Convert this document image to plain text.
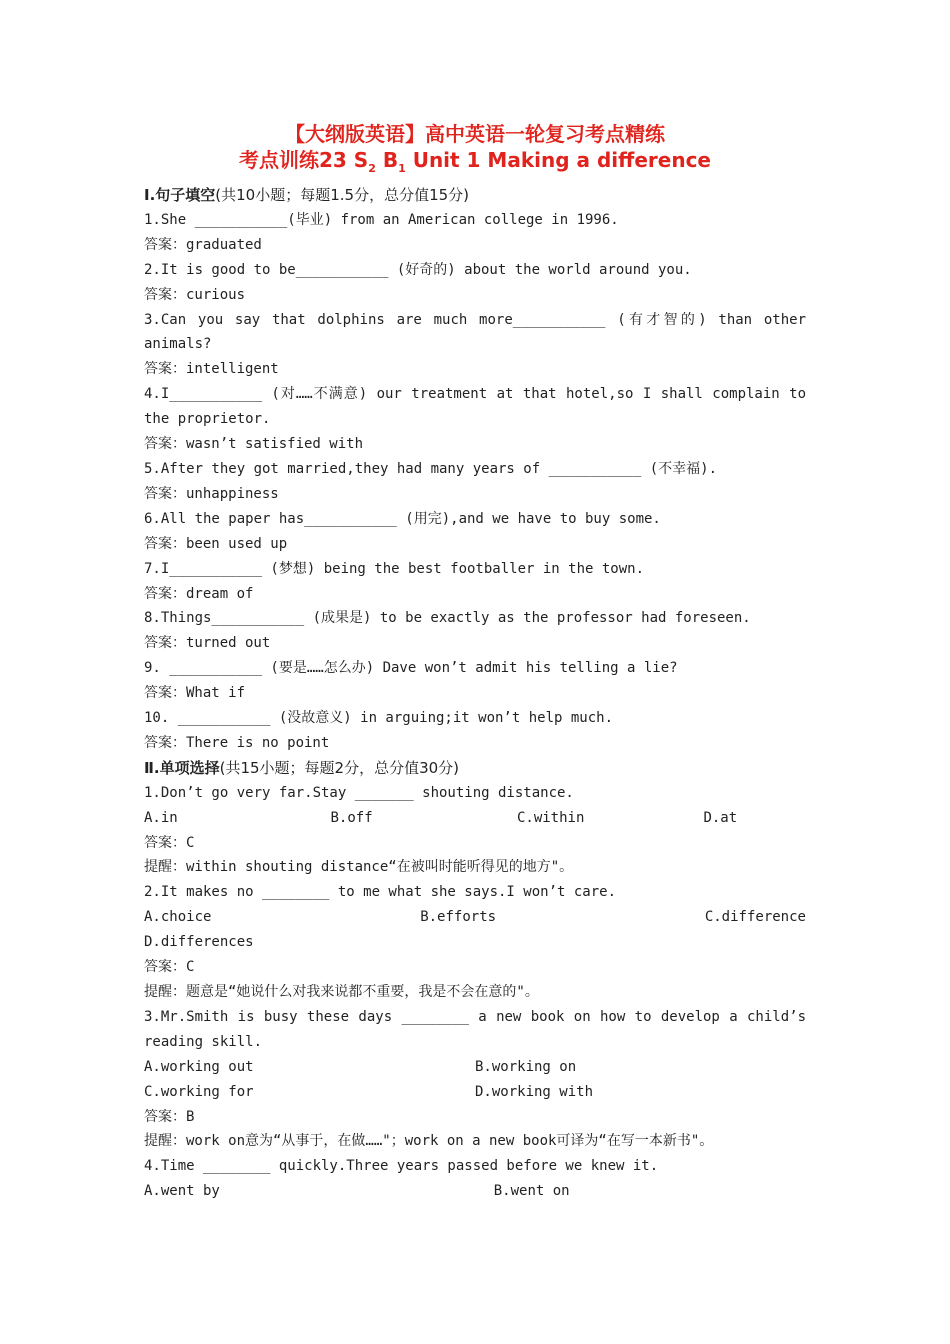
【大纲版英语】高中英语一轮复习考点精练
考点训练23 $S_2$ $B_1$ Unit 1 Making a difference
Ⅰ.句子填空(共10小题；每题1.5分，总分值15分)
1.She ___________(毕业) from an American college in 1996.
答案：graduated
2.It is good to be___________ (好奇的) about the world around you.
答案：curious
3.Can you say that dolphins are much more___________ (有才智的) than other animals?
答案：intelligent
4.I___________ (对……不满意) our treatment at that hotel,so I shall complain to the proprietor.
答案：wasn’t satisfied with
5.After they got married,they had many years of ___________ (不幸福).
答案：unhappiness
6.All the paper has___________ (用完),and we have to buy some.
答案：been used up
7.I___________ (梦想) being the best footballer in the town.
答案：dream of
8.Things___________ (成果是) to be exactly as the professor had foreseen.
答案：turned out
9. ___________ (要是……怎么办) Dave won’t admit his telling a lie?
答案：What if
10. ___________ (没故意义) in arguing;it won’t help much.
答案：There is no point
Ⅱ.单项选择(共15小题；每题2分，总分值30分)
1.Don’t go very far.Stay _______ shouting distance.
A.in	B.off	C.within	D.at
答案：C
提醒：within shouting distance“在被叫时能听得见的地方"。
2.It makes no ________ to me what she says.I won’t care.
A.choice	B.efforts	C.difference
D.differences
答案：C
提醒：题意是“她说什么对我来说都不重要，我是不会在意的"。
3.Mr.Smith is busy these days ________ a new book on how to develop a child’s reading skill.
A.working out	B.working on
C.working for	D.working with
答案：B
提醒：work on意为“从事于，在做……"；work on a new book可译为“在写一本新书"。
4.Time ________ quickly.Three years passed before we knew it.
A.went by	B.went on
